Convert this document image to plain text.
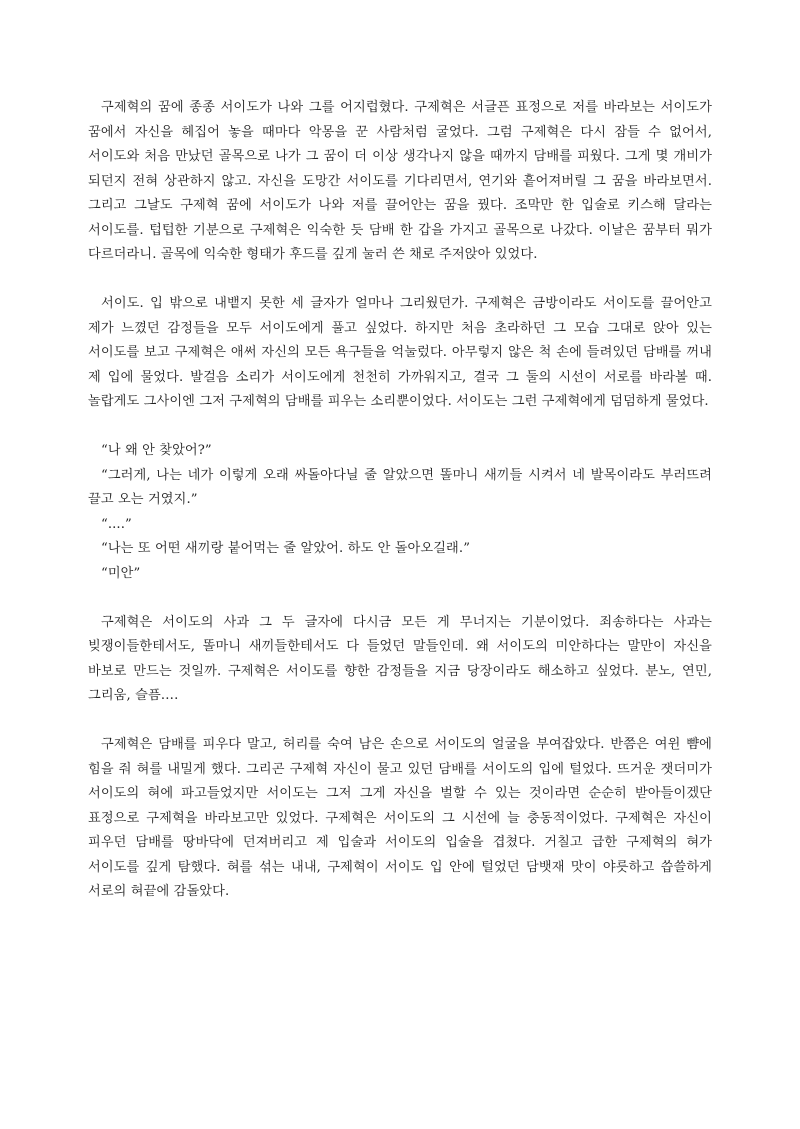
구제혁의 꿈에 종종 서이도가 나와 그를 어지럽혔다. 구제혁은 서글픈 표정으로 저를 바라보는 서이도가 꿈에서 자신을 헤집어 놓을 때마다 악몽을 꾼 사람처럼 굴었다. 그럼 구제혁은 다시 잠들 수 없어서, 서이도와 처음 만났던 골목으로 나가 그 꿈이 더 이상 생각나지 않을 때까지 담배를 피웠다. 그게 몇 개비가 되던지 전혀 상관하지 않고. 자신을 도망간 서이도를 기다리면서, 연기와 흩어져버릴 그 꿈을 바라보면서. 그리고 그날도 구제혁 꿈에 서이도가 나와 저를 끌어안는 꿈을 꿨다. 조막만 한 입술로 키스해 달라는 서이도를. 텁텁한 기분으로 구제혁은 익숙한 듯 담배 한 갑을 가지고 골목으로 나갔다. 이날은 꿈부터 뭐가 다르더라니. 골목에 익숙한 형태가 후드를 깊게 눌러 쓴 채로 주저앉아 있었다.

서이도. 입 밖으로 내뱉지 못한 세 글자가 얼마나 그리웠던가. 구제혁은 금방이라도 서이도를 끌어안고 제가 느꼈던 감정들을 모두 서이도에게 풀고 싶었다. 하지만 처음 초라하던 그 모습 그대로 앉아 있는 서이도를 보고 구제혁은 애써 자신의 모든 욕구들을 억눌렀다. 아무렇지 않은 척 손에 들려있던 담배를 꺼내 제 입에 물었다. 발걸음 소리가 서이도에게 천천히 가까워지고, 결국 그 둘의 시선이 서로를 바라볼 때. 놀랍게도 그사이엔 그저 구제혁의 담배를 피우는 소리뿐이었다. 서이도는 그런 구제혁에게 덤덤하게 물었다.

“나 왜 안 찾았어?”

“그러게, 나는 네가 이렇게 오래 싸돌아다닐 줄 알았으면 똘마니 새끼들 시켜서 네 발목이라도 부러뜨려 끌고 오는 거였지.”

“....”

“나는 또 어떤 새끼랑 붙어먹는 줄 알았어. 하도 안 돌아오길래.”

“미안”

구제혁은 서이도의 사과 그 두 글자에 다시금 모든 게 무너지는 기분이었다. 죄송하다는 사과는 빚쟁이들한테서도, 똘마니 새끼들한테서도 다 들었던 말들인데. 왜 서이도의 미안하다는 말만이 자신을 바보로 만드는 것일까. 구제혁은 서이도를 향한 감정들을 지금 당장이라도 해소하고 싶었다. 분노, 연민, 그리움, 슬픔….

구제혁은 담배를 피우다 말고, 허리를 숙여 남은 손으로 서이도의 얼굴을 부여잡았다. 반쯤은 여윈 뺨에 힘을 줘 혀를 내밀게 했다. 그리곤 구제혁 자신이 물고 있던 담배를 서이도의 입에 털었다. 뜨거운 잿더미가 서이도의 혀에 파고들었지만 서이도는 그저 그게 자신을 벌할 수 있는 것이라면 순순히 받아들이겠단 표정으로 구제혁을 바라보고만 있었다. 구제혁은 서이도의 그 시선에 늘 충동적이었다. 구제혁은 자신이 피우던 담배를 땅바닥에 던져버리고 제 입술과 서이도의 입술을 겹쳤다. 거칠고 급한 구제혁의 혀가 서이도를 깊게 탐했다. 혀를 섞는 내내, 구제혁이 서이도 입 안에 털었던 담뱃재 맛이 야릇하고 씁쓸하게 서로의 혀끝에 감돌았다.
